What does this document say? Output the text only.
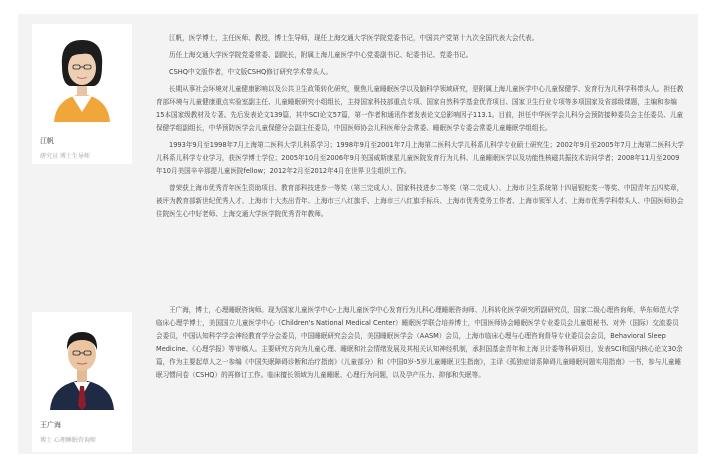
江帆
研究员 博士生导师

江帆，医学博士，主任医师、教授，博士生导师，现任上海交通大学医学院党委书记，中国共产党第十九次全国代表大会代表。

历任上海交通大学医学院党委常委、副院长，附属上海儿童医学中心党委副书记、纪委书记、党委书记。

CSHQ中文版作者，中文版CSHQ修订研究学术带头人。

长期从事社会环境对儿童健康影响以及公共卫生政策转化研究，聚焦儿童睡眠医学以及脑科学领域研究，是附属上海儿童医学中心儿童保健学、发育行为儿科学科带头人。担任教育部环境与儿童健康重点实验室副主任、儿童睡眠研究小组组长，主持国家科技部重点专项、国家自然科学基金优青项目、国家卫生行业专项等多项国家及省部级课题，主编和参编15本国家级教材及专著。先后发表论文139篇，其中SCI论文57篇，第一作者和通讯作者发表论文总影响因子113.1。目前，担任中华医学会儿科分会预防接种委员会主任委员、儿童保健学组副组长，中华预防医学会儿童保健分会副主任委员，中国医师协会儿科医师分会常委、睡眠医学专委会常委儿童睡眠学组组长。

1993年9月至1998年7月上海第二医科大学儿科系学习；1998年9月至2001年7月上海第二医科大学儿科系儿科学专业硕士研究生；2002年9月至2005年7月上海第二医科大学儿科系儿科学专业学习，获医学博士学位；2005年10月至2006年9月美国威斯康星儿童医院发育行为儿科、儿童睡眠医学以及功能性核磁共振技术访问学者；2008年11月至2009年10月美国辛辛那提儿童医院fellow；2012年2月至2012年4月在世界卫生组织工作。

曾荣获上海市优秀青年医生资助项目、教育部科技进步一等奖（第三完成人）、国家科技进步二等奖（第二完成人）、上海市卫生系统第十四届银蛇奖一等奖、中国青年五四奖章，被评为教育部新世纪优秀人才、上海市十大杰出青年、上海市三八红旗手、上海市三八红旗手标兵、上海市优秀党务工作者、上海市领军人才、上海市优秀学科带头人、中国医师协会住院医生心中好老师、上海交通大学医学院优秀青年教师。

王广海
博士 心理睡眠咨询师

王广海，博士，心理睡眠咨询师。现为国家儿童医学中心-上海儿童医学中心发育行为儿科心理睡眠咨询师、儿科转化医学研究所副研究员，国家二级心理咨询师，华东师范大学临床心理学博士，美国国立儿童医学中心（Children's National Medical Center）睡眠医学联合培养博士，中国医师协会睡眠医学专业委员会儿童组秘书、对外（国际）交流委员会委员，中国认知科学学会神经教育学分会委员，中国睡眠研究会会员，美国睡眠医学会（AASM）会员，上海市临床心理与心理咨询督导专业委员会会员，Behavioral Sleep Medicine、《心理学报》等审稿人。主要研究方向为儿童心理、睡眠和社会情绪发展及其相关认知神经机制，承担国基金青年和上海卫计委等科研项目，发表SCI和国内核心论文30余篇，作为主要起草人之一参编《中国失眠障碍诊断和治疗指南》（儿童部分）和《中国0岁-5岁儿童睡眠卫生指南》，主译《孤独症谱系障碍儿童睡眠问题实用指南》一书，参与儿童睡眠习惯问卷（CSHQ）的再修订工作。临床擅长领域为儿童睡眠、心理行为问题，以及孕产压力、抑郁和失眠等。
